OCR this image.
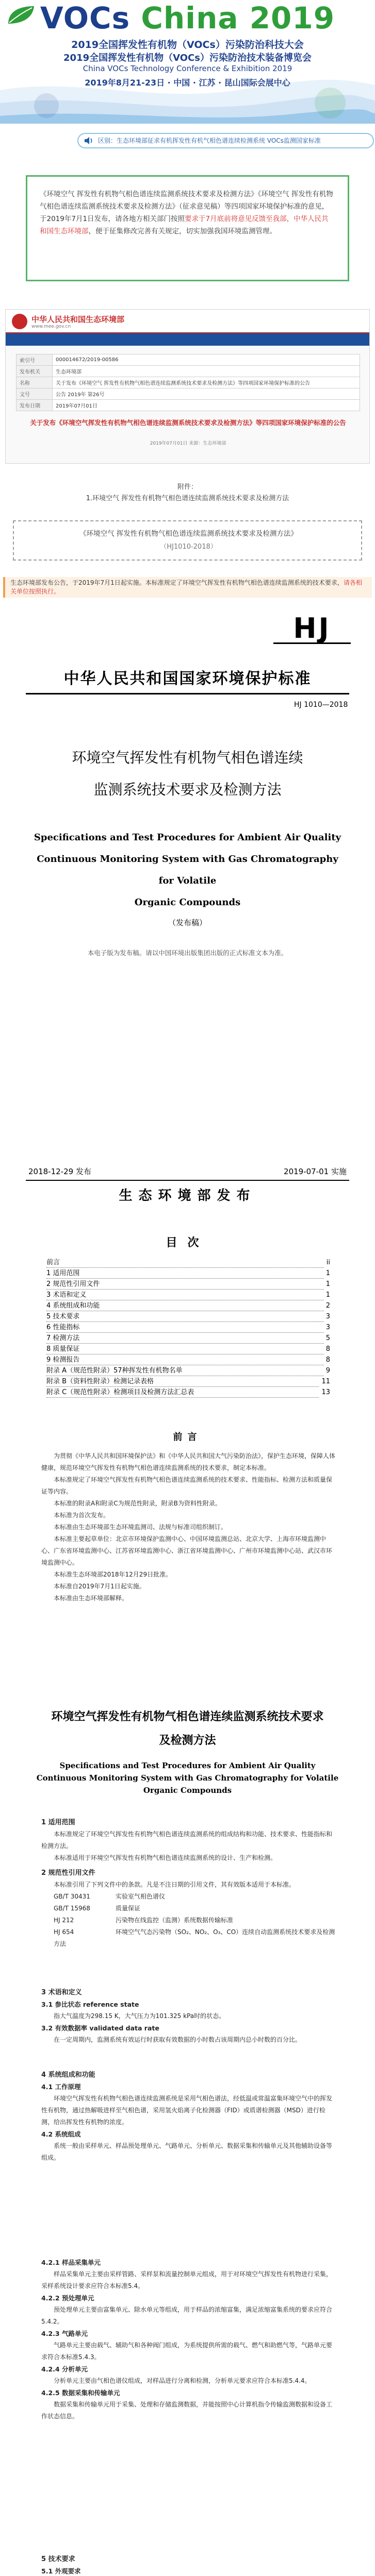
VOCs China 2019
2019全国挥发性有机物（VOCs）污染防治科技大会
2019全国挥发性有机物（VOCs）污染防治技术装备博览会
China VOCs Technology Conference & Exhibition 2019
2019年8月21-23日 · 中国 · 江苏 · 昆山国际会展中心
区别：生态环境部征求有机挥发性有机气相色谱连续检测系统 VOCs监测国家标准
《环境空气 挥发性有机物气相色谱连续监测系统技术要求及检测方法》《环境空气 挥发性有机物气相色谱连续监测系统技术要求及检测方法》（征求意见稿）等四项国家环境保护标准的意见，于2019年7月1日发布，请各地方相关部门按照要求于7月底前将意见反馈至我部，中华人民共和国生态环境部，便于征集修改完善有关规定，切实加强我国环境监测管理。
中华人民共和国生态环境部
www.mee.gov.cn
索引号	000014672/2019-00586
发布机关	生态环境部
名称	关于发布《环境空气 挥发性有机物气相色谱连续监测系统技术要求及检测方法》等四项国家环境保护标准的公告
文号	公告 2019年 第26号
发布日期	2019年07月01日
关于发布《环境空气挥发性有机物气相色谱连续监测系统技术要求及检测方法》等四项国家环境保护标准的公告
2019年07月01日 来源：生态环境部
附件：
1.环境空气 挥发性有机物气相色谱连续监测系统技术要求及检测方法
《环境空气 挥发性有机物气相色谱连续监测系统技术要求及检测方法》
（HJ1010-2018）
生态环境部发布公告，于2019年7月1日起实施。本标准规定了环境空气挥发性有机物气相色谱连续监测系统的技术要求，请各相关单位按照执行。
HJ
中华人民共和国国家环境保护标准
HJ 1010—2018
环境空气挥发性有机物气相色谱连续
监测系统技术要求及检测方法
Specifications and Test Procedures for Ambient Air Quality
Continuous Monitoring System with Gas Chromatography for Volatile
Organic Compounds
（发布稿）
本电子版为发布稿。请以中国环境出版集团出版的正式标准文本为准。
2018-12-29 发布	2019-07-01 实施
生态环境部发布
目次
前言	ii
1 适用范围	1
2 规范性引用文件	1
3 术语和定义	1
4 系统组成和功能	2
5 技术要求	3
6 性能指标	3
7 检测方法	5
8 质量保证	8
9 检测报告	8
附录 A（规范性附录）57种挥发性有机物名单	9
附录 B（资料性附录）检测记录表格	11
附录 C（规范性附录）检测项目及检测方法汇总表	13
前言

为贯彻《中华人民共和国环境保护法》和《中华人民共和国大气污染防治法》，保护生态环境，保障人体健康，规范环境空气挥发性有机物气相色谱连续监测系统的技术要求，制定本标准。

本标准规定了环境空气挥发性有机物气相色谱连续监测系统的技术要求、性能指标、检测方法和质量保证等内容。

本标准的附录A和附录C为规范性附录，附录B为资料性附录。

本标准为首次发布。

本标准由生态环境部生态环境监测司、法规与标准司组织制订。

本标准主要起草单位：北京市环境保护监测中心、中国环境监测总站、北京大学、上海市环境监测中心、广东省环境监测中心、江苏省环境监测中心、浙江省环境监测中心、广州市环境监测中心站、武汉市环境监测中心。

本标准生态环境部2018年12月29日批准。

本标准自2019年7月1日起实施。

本标准由生态环境部解释。

环境空气挥发性有机物气相色谱连续监测系统技术要求
及检测方法
Specifications and Test Procedures for Ambient Air Quality
Continuous Monitoring System with Gas Chromatography for Volatile
Organic Compounds
1 适用范围

本标准规定了环境空气挥发性有机物气相色谱连续监测系统的组成结构和功能、技术要求、性能指标和检测方法。

本标准适用于环境空气挥发性有机物气相色谱连续监测系统的设计、生产和检测。

2 规范性引用文件

本标准引用了下列文件中的条款。凡是不注日期的引用文件，其有效版本适用于本标准。

GB/T 30431	实验室气相色谱仪
GB/T 15968	质量保证
HJ 212	污染物在线监控（监测）系统数据传输标准
HJ 654	环境空气气态污染物（SO₂、NO₂、O₃、CO）连续自动监测系统技术要求及检测方法
3 术语和定义
3.1 参比状态 reference state

指大气温度为298.15 K，大气压力为101.325 kPa时的状态。

3.2 有效数据率 validated data rate

在一定周期内，监测系统有效运行时获取有效数据的小时数占该周期内总小时数的百分比。

4 系统组成和功能
4.1 工作原理

环境空气挥发性有机物气相色谱连续监测系统是采用气相色谱法，经低温或常温富集环境空气中的挥发性有机物，通过热解吸进样至气相色谱，采用氢火焰离子化检测器（FID）或质谱检测器（MSD）进行检测，给出挥发性有机物的浓度。

4.2 系统组成

系统一般由采样单元、样品预处理单元、气路单元、分析单元、数据采集和传输单元及其他辅助设备等组成。

4.2.1 样品采集单元

样品采集单元主要由采样管路、采样泵和流量控制单元组成，用于对环境空气挥发性有机物进行采集，采样系统设计要求应符合本标准5.4。

4.2.2 预处理单元

预处理单元主要由富集单元、除水单元等组成，用于样品的浓缩富集，满足浓缩富集系统的要求应符合5.4.2。

4.2.3 气路单元

气路单元主要由载气、辅助气和各种阀门组成，为系统提供所需的载气、燃气和助燃气等，气路单元要求符合本标准5.4.3。

4.2.4 分析单元

分析单元主要由气相色谱仪组成，对样品进行分离和检测，分析单元要求应符合本标准5.4.4。

4.2.5 数据采集和传输单元

数据采集和传输单元用于采集、处理和存储监测数据，并能按照中心计算机指令传输监测数据和设备工作状态信息。

5 技术要求
5.1 外观要求
